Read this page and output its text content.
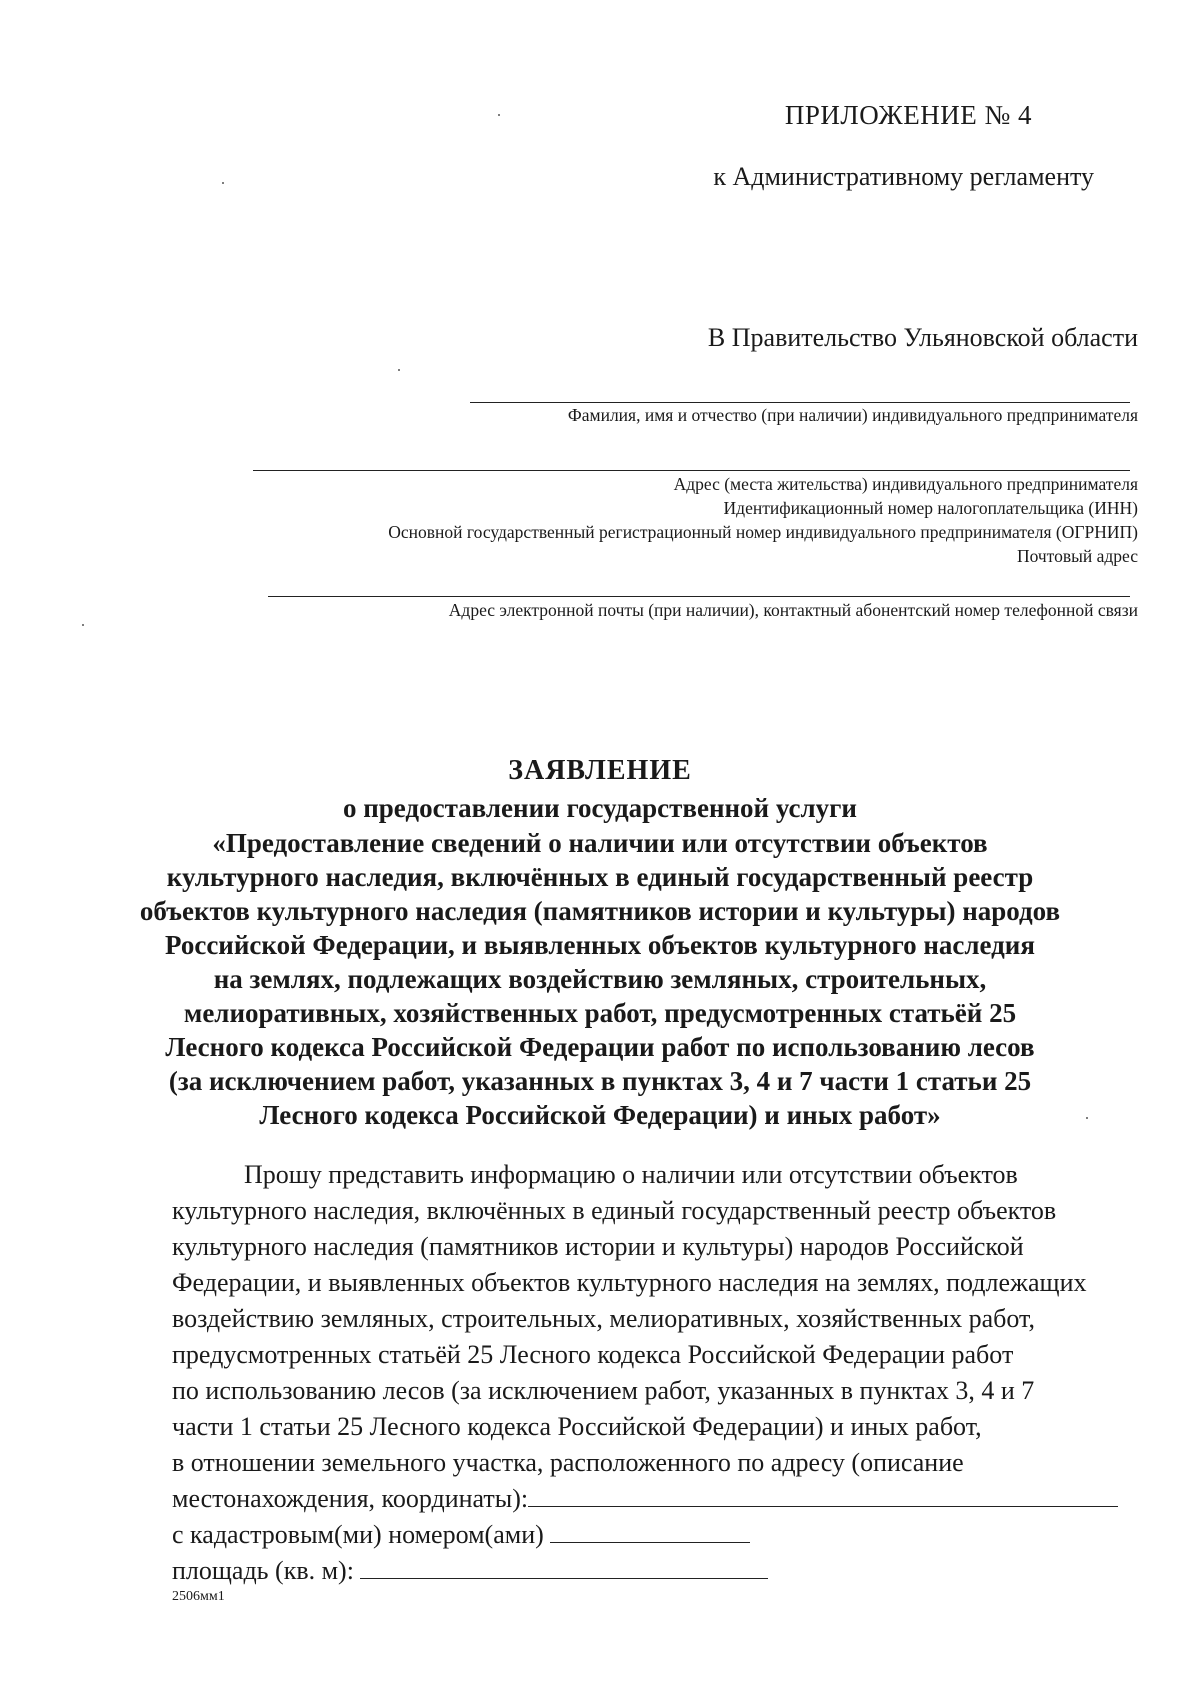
ПРИЛОЖЕНИЕ № 4
к Административному регламенту
В Правительство Ульяновской области
Фамилия, имя и отчество (при наличии) индивидуального предпринимателя
Адрес (места жительства) индивидуального предпринимателя
Идентификационный номер налогоплательщика (ИНН)
Основной государственный регистрационный номер индивидуального предпринимателя (ОГРНИП)
Почтовый адрес
Адрес электронной почты (при наличии), контактный абонентский номер телефонной связи
ЗАЯВЛЕНИЕ
о предоставлении государственной услуги
«Предоставление сведений о наличии или отсутствии объектов
культурного наследия, включённых в единый государственный реестр
объектов культурного наследия (памятников истории и культуры) народов
Российской Федерации, и выявленных объектов культурного наследия
на землях, подлежащих воздействию земляных, строительных,
мелиоративных, хозяйственных работ, предусмотренных статьёй 25
Лесного кодекса Российской Федерации работ по использованию лесов
(за исключением работ, указанных в пунктах 3, 4 и 7 части 1 статьи 25
Лесного кодекса Российской Федерации) и иных работ»
Прошу представить информацию о наличии или отсутствии объектов
культурного наследия, включённых в единый государственный реестр объектов
культурного наследия (памятников истории и культуры) народов Российской
Федерации, и выявленных объектов культурного наследия на землях, подлежащих
воздействию земляных, строительных, мелиоративных, хозяйственных работ,
предусмотренных статьёй 25 Лесного кодекса Российской Федерации работ
по использованию лесов (за исключением работ, указанных в пунктах 3, 4 и 7
части 1 статьи 25 Лесного кодекса Российской Федерации) и иных работ,
в отношении земельного участка, расположенного по адресу (описание
местонахождения, координаты):
с кадастровым(ми) номером(ами)
площадь (кв. м):
2506мм1
